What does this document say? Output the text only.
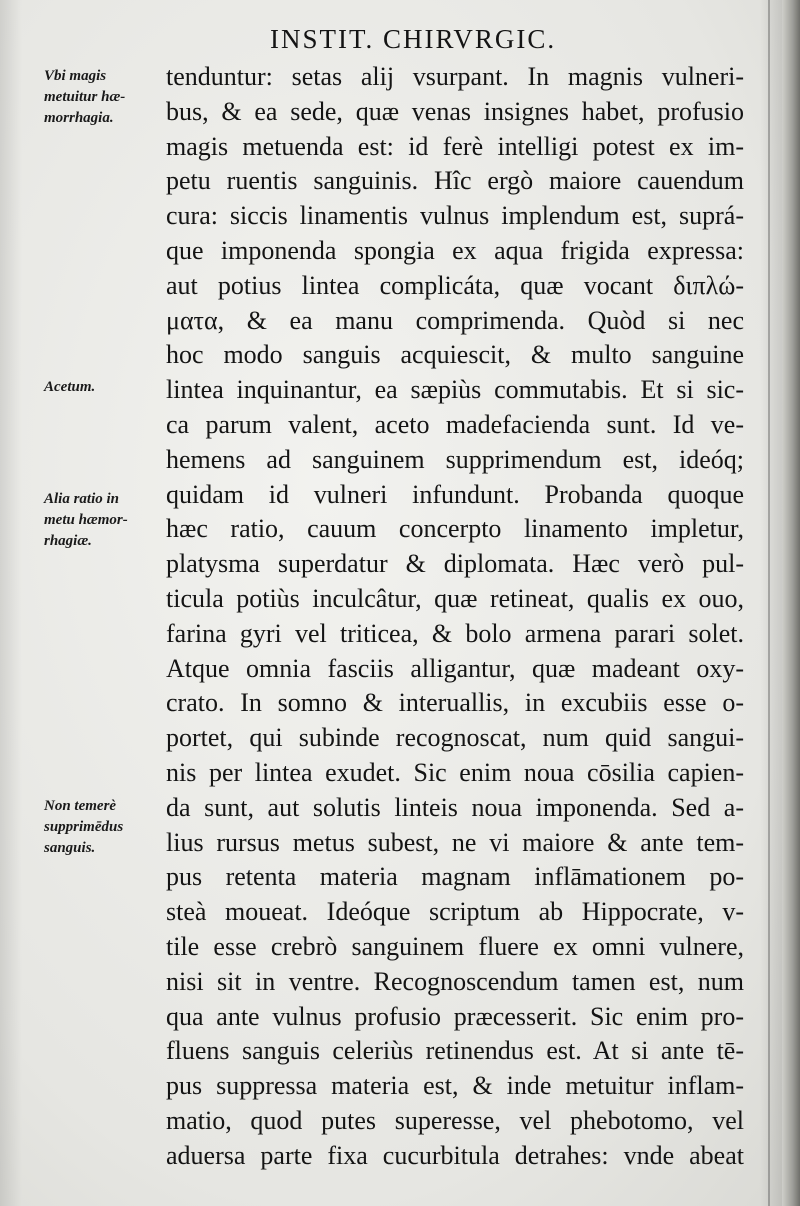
INSTIT. CHIRVRGIC.
Vbi magis
metuitur hæ-
morrhagia.
Acetum.
Alia ratio in
metu hæmor-
rhagiæ.
Non temerè
supprimēdus
sanguis.
tenduntur: setas alij vsurpant. In magnis vulneri-
bus, & ea sede, quæ venas insignes habet, profusio
magis metuenda est: id ferè intelligi potest ex im-
petu ruentis sanguinis. Hîc ergò maiore cauendum
cura: siccis linamentis vulnus implendum est, suprá-
que imponenda spongia ex aqua frigida expressa:
aut potius lintea complicáta, quæ vocant διπλώ-
ματα, & ea manu comprimenda. Quòd si nec
hoc modo sanguis acquiescit, & multo sanguine
lintea inquinantur, ea sæpiùs commutabis. Et si sic-
ca parum valent, aceto madefacienda sunt. Id ve-
hemens ad sanguinem supprimendum est, ideóq;
quidam id vulneri infundunt. Probanda quoque
hæc ratio, cauum concerpto linamento impletur,
platysma superdatur & diplomata. Hæc verò pul-
ticula potiùs inculcâtur, quæ retineat, qualis ex ouo,
farina gyri vel triticea, & bolo armena parari solet.
Atque omnia fasciis alligantur, quæ madeant oxy-
crato. In somno & interuallis, in excubiis esse o-
portet, qui subinde recognoscat, num quid sangui-
nis per lintea exudet. Sic enim noua cōsilia capien-
da sunt, aut solutis linteis noua imponenda. Sed a-
lius rursus metus subest, ne vi maiore & ante tem-
pus retenta materia magnam inflāmationem po-
steà moueat. Ideóque scriptum ab Hippocrate, v-
tile esse crebrò sanguinem fluere ex omni vulnere,
nisi sit in ventre. Recognoscendum tamen est, num
qua ante vulnus profusio præcesserit. Sic enim pro-
fluens sanguis celeriùs retinendus est. At si ante tē-
pus suppressa materia est, & inde metuitur inflam-
matio, quod putes superesse, vel phebotomo, vel
aduersa parte fixa cucurbitula detrahes: vnde abeat
